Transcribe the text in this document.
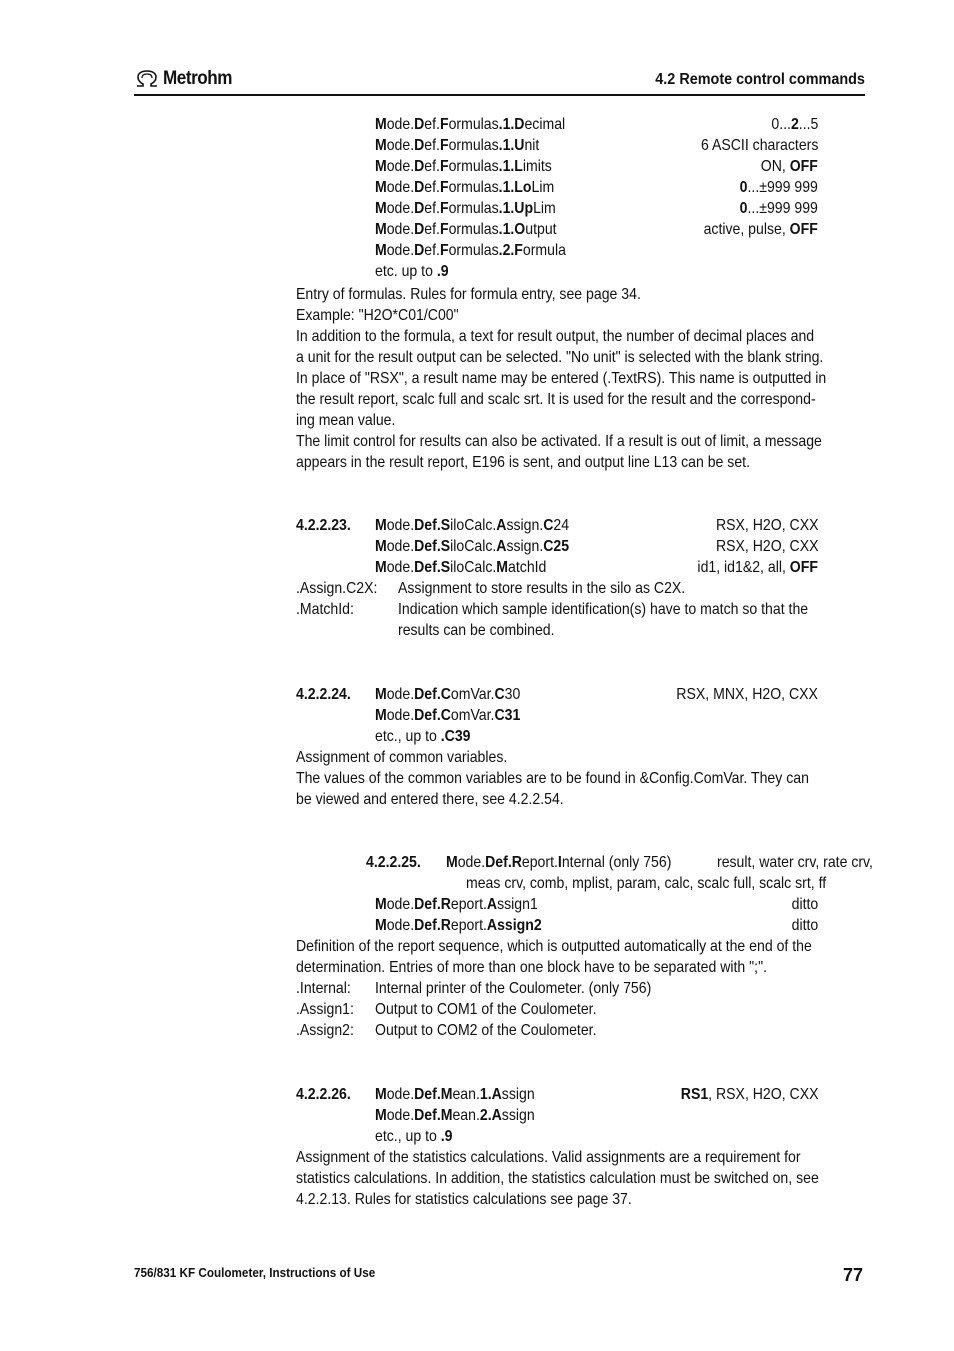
Metrohm	4.2 Remote control commands
Mode.Def.Formulas.1.Decimal	0...2...5
Mode.Def.Formulas.1.Unit	6 ASCII characters
Mode.Def.Formulas.1.Limits	ON, OFF
Mode.Def.Formulas.1.LoLim	0...±999 999
Mode.Def.Formulas.1.UpLim	0...±999 999
Mode.Def.Formulas.1.Output	active, pulse, OFF
Mode.Def.Formulas.2.Formula
etc. up to .9
Entry of formulas. Rules for formula entry, see page 34.
Example: "H2O*C01/C00"
In addition to the formula, a text for result output, the number of decimal places and
a unit for the result output can be selected. "No unit" is selected with the blank string.
In place of "RSX", a result name may be entered (.TextRS). This name is outputted in
the result report, scalc full and scalc srt. It is used for the result and the correspond-
ing mean value.
The limit control for results can also be activated. If a result is out of limit, a message
appears in the result report, E196 is sent, and output line L13 can be set.
4.2.2.23. Mode.Def.SiloCalc.Assign.C24	RSX, H2O, CXX
Mode.Def.SiloCalc.Assign.C25	RSX, H2O, CXX
Mode.Def.SiloCalc.MatchId	id1, id1&2, all, OFF
.Assign.C2X: Assignment to store results in the silo as C2X.
.MatchId:	Indication which sample identification(s) have to match so that the
results can be combined.
4.2.2.24. Mode.Def.ComVar.C30	RSX, MNX, H2O, CXX
Mode.Def.ComVar.C31
etc., up to .C39
Assignment of common variables.
The values of the common variables are to be found in &Config.ComVar. They can
be viewed and entered there, see 4.2.2.54.
4.2.2.25. Mode.Def.Report.Internal (only 756)	result, water crv, rate crv,
meas crv, comb, mplist, param, calc, scalc full, scalc srt, ff
Mode.Def.Report.Assign1	ditto
Mode.Def.Report.Assign2	ditto
Definition of the report sequence, which is outputted automatically at the end of the
determination. Entries of more than one block have to be separated with ";".
.Internal: Internal printer of the Coulometer. (only 756)
.Assign1: Output to COM1 of the Coulometer.
.Assign2: Output to COM2 of the Coulometer.
4.2.2.26. Mode.Def.Mean.1.Assign	RS1, RSX, H2O, CXX
Mode.Def.Mean.2.Assign
etc., up to .9
Assignment of the statistics calculations. Valid assignments are a requirement for
statistics calculations. In addition, the statistics calculation must be switched on, see
4.2.2.13. Rules for statistics calculations see page 37.
756/831 KF Coulometer, Instructions of Use	77
